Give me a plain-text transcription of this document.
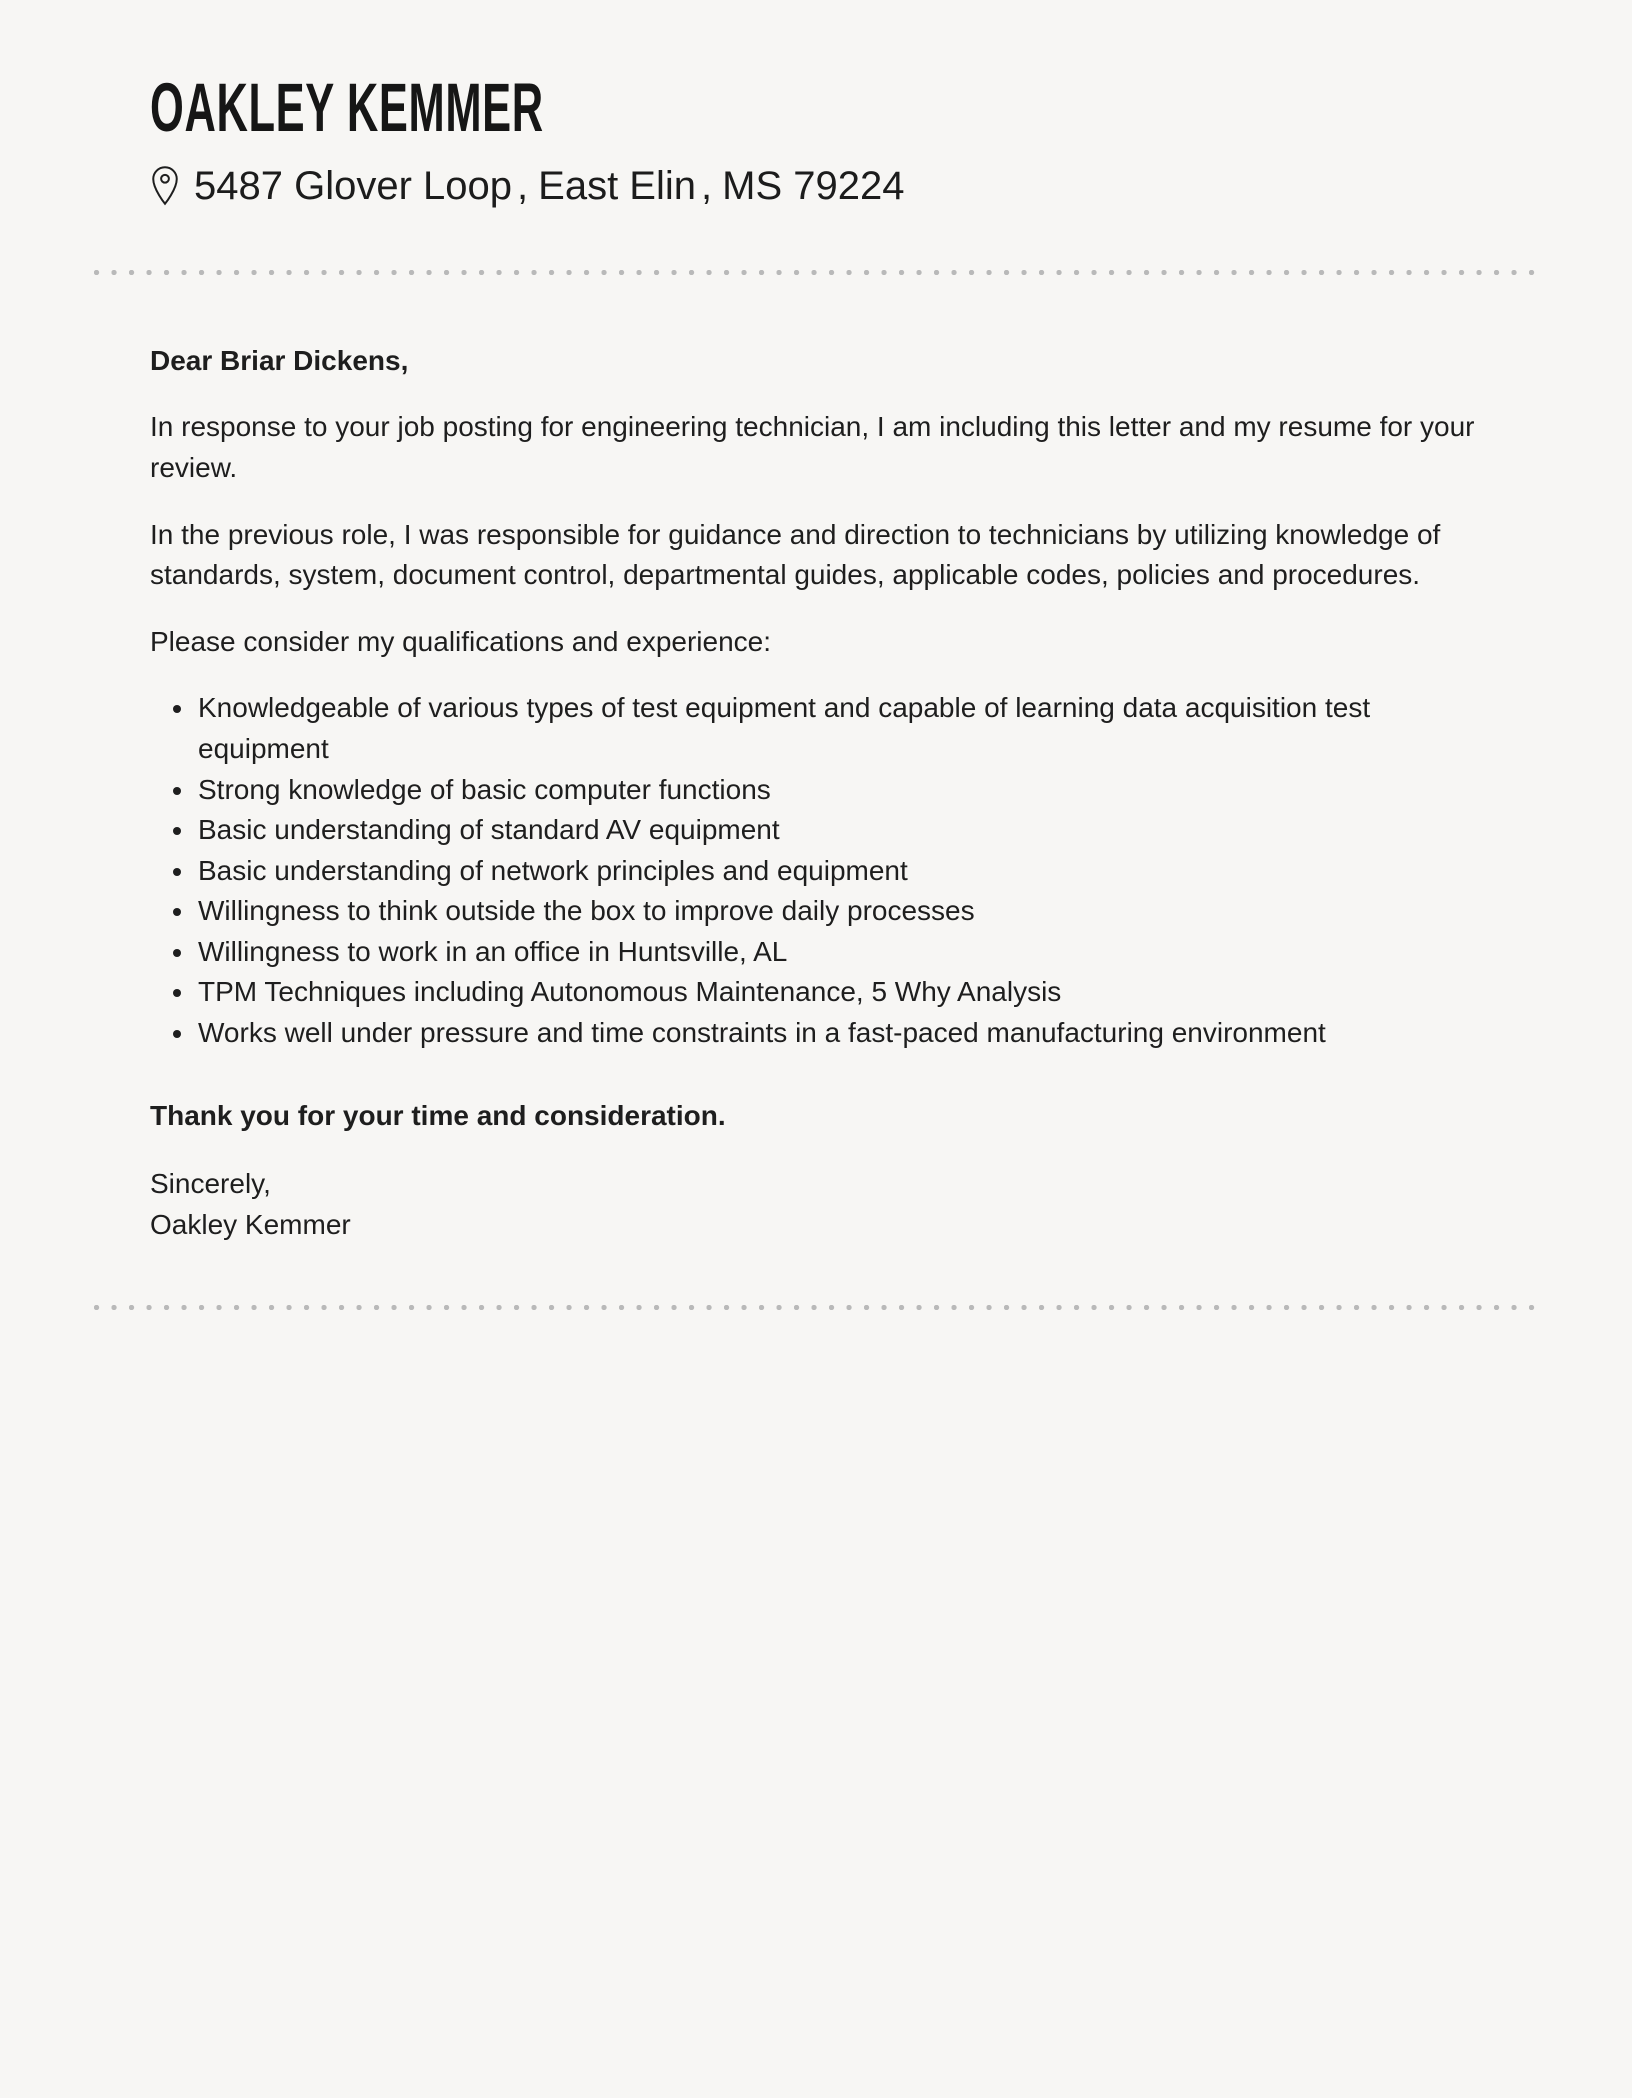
OAKLEY KEMMER
5487 Glover Loop , East Elin , MS 79224

Dear Briar Dickens,

In response to your job posting for engineering technician, I am including this letter and my resume for your review.

In the previous role, I was responsible for guidance and direction to technicians by utilizing knowledge of standards, system, document control, departmental guides, applicable codes, policies and procedures.

Please consider my qualifications and experience:

• Knowledgeable of various types of test equipment and capable of learning data acquisition test equipment
• Strong knowledge of basic computer functions
• Basic understanding of standard AV equipment
• Basic understanding of network principles and equipment
• Willingness to think outside the box to improve daily processes
• Willingness to work in an office in Huntsville, AL
• TPM Techniques including Autonomous Maintenance, 5 Why Analysis
• Works well under pressure and time constraints in a fast-paced manufacturing environment

Thank you for your time and consideration.

Sincerely,
Oakley Kemmer
